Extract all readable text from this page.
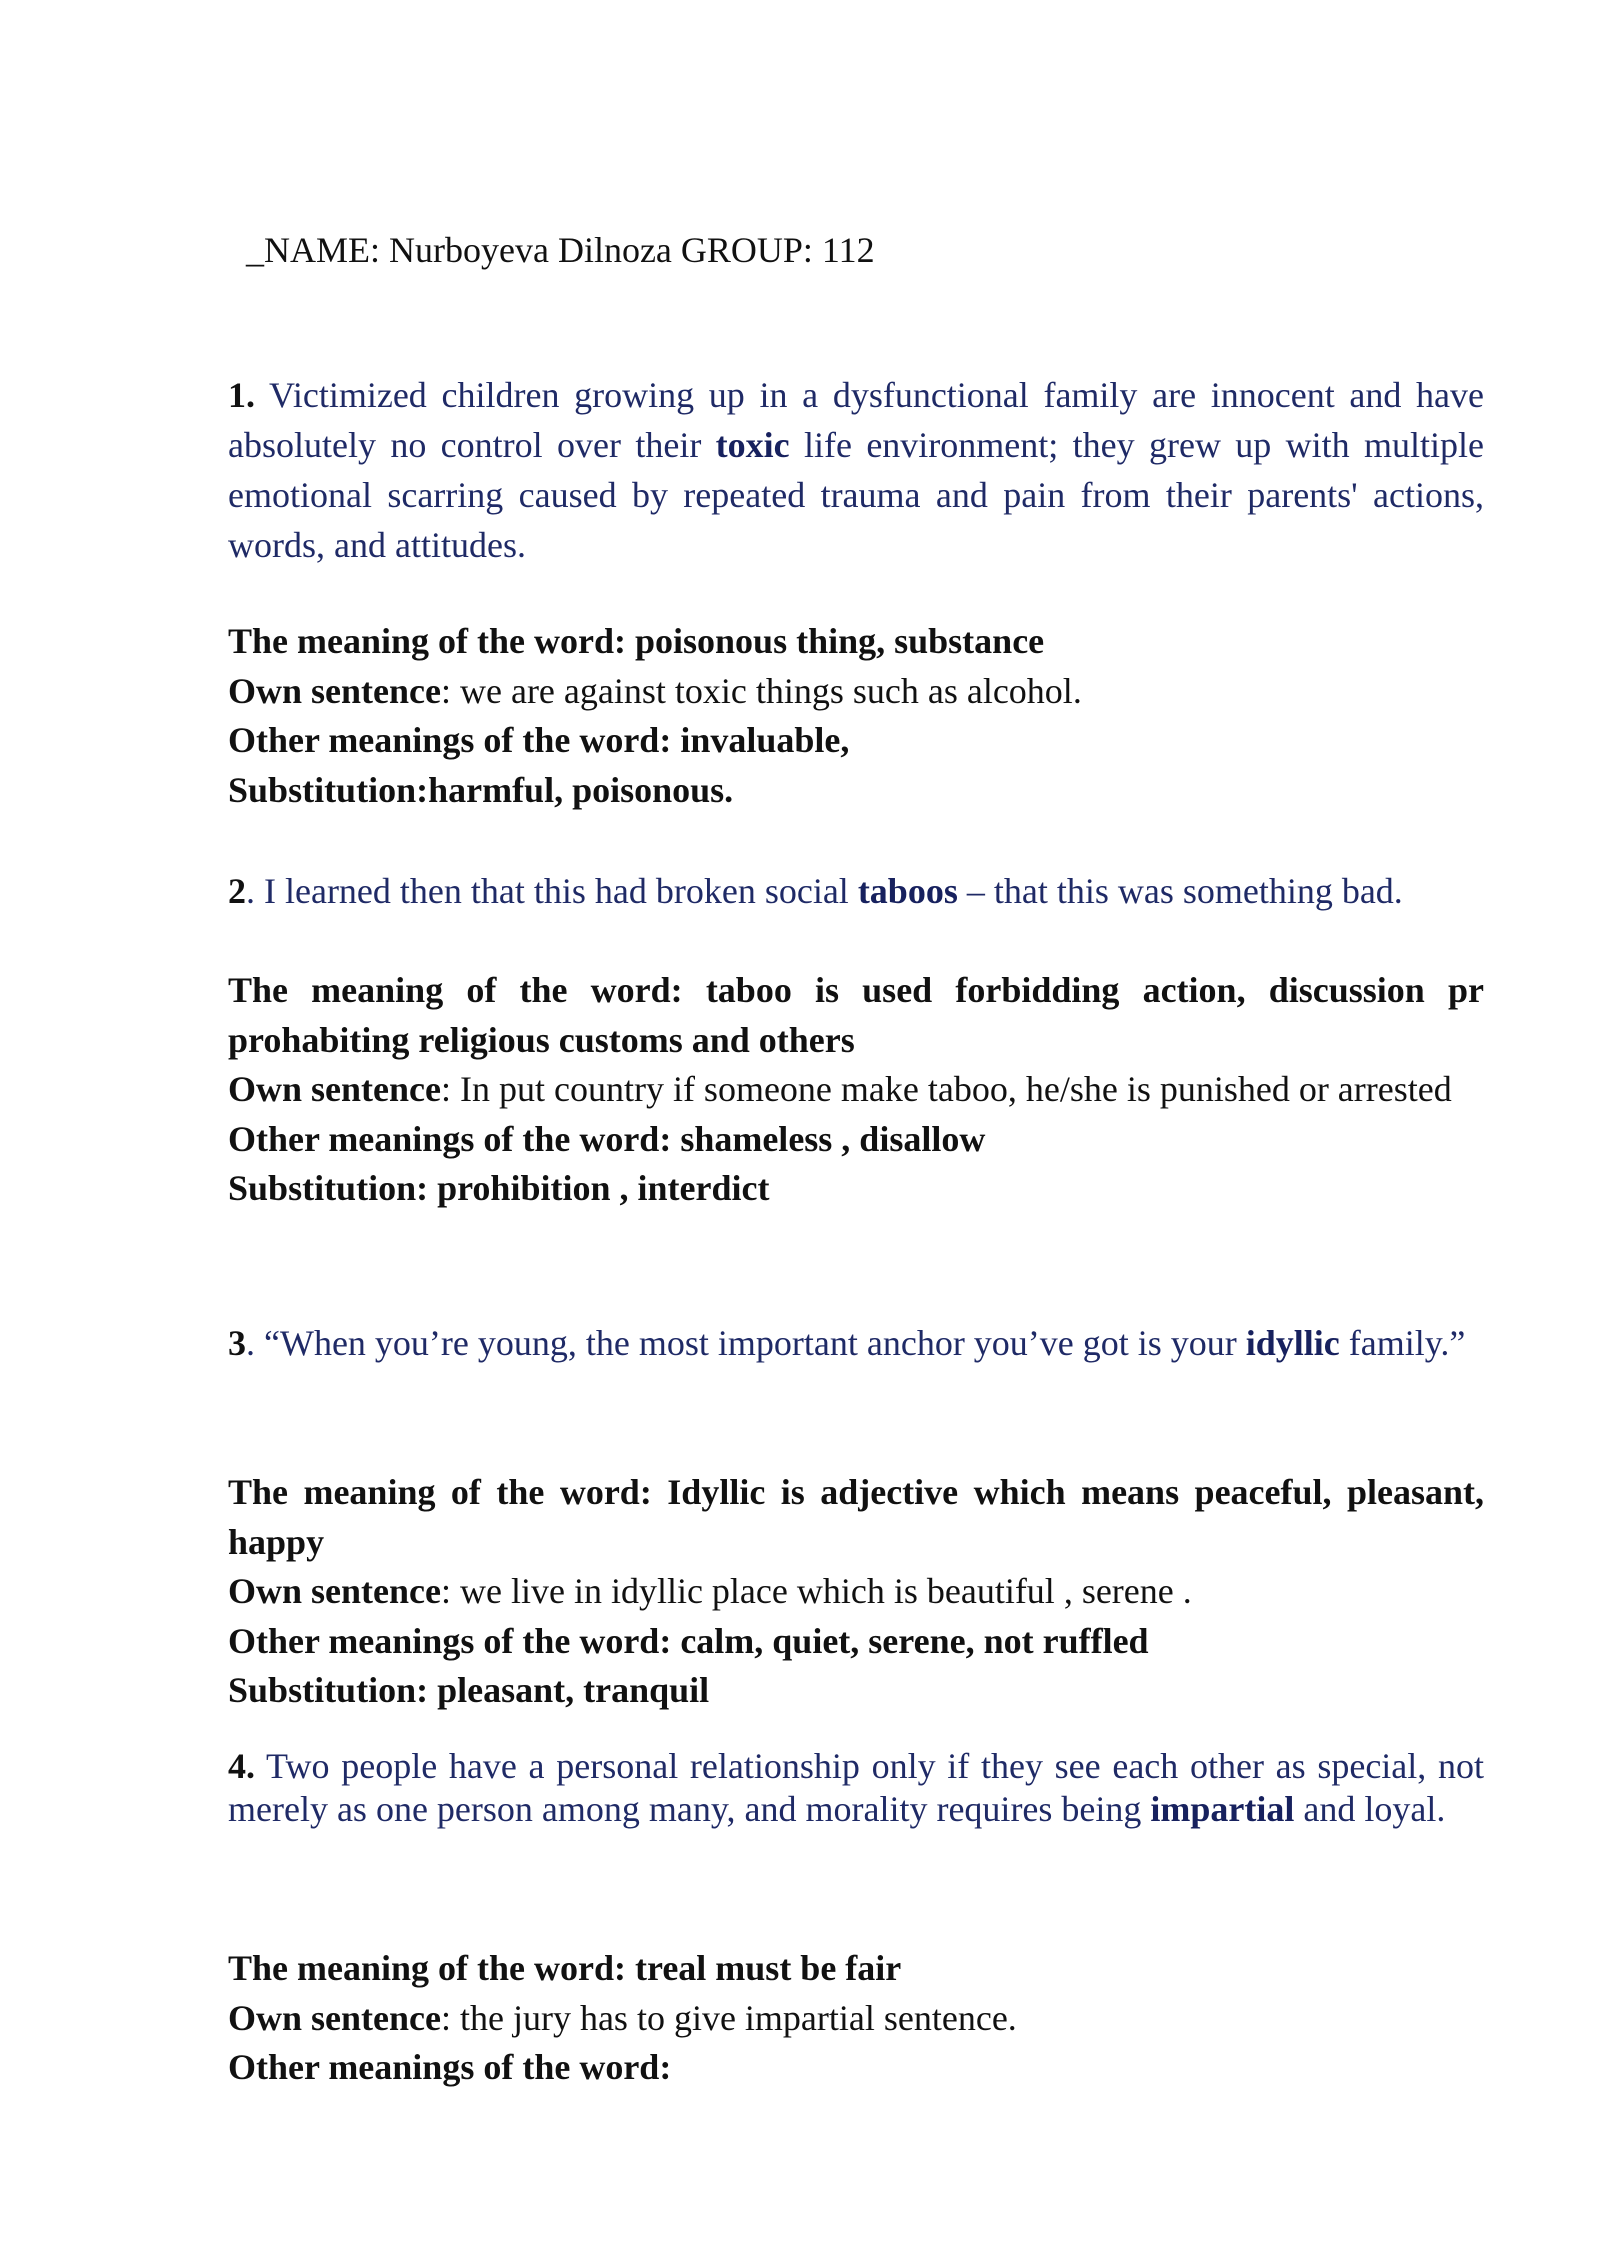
_NAME: Nurboyeva Dilnoza GROUP: 112
1. Victimized children growing up in a dysfunctional family are innocent and have absolutely no control over their toxic life environment; they grew up with multiple emotional scarring caused by repeated trauma and pain from their parents' actions, words, and attitudes.
The meaning of the word: poisonous thing, substance
Own sentence: we are against toxic things such as alcohol.
Other meanings of the word: invaluable,
Substitution:harmful, poisonous.
2. I learned then that this had broken social taboos – that this was something bad.
The meaning of the word: taboo is used forbidding action, discussion pr prohabiting religious customs and others
Own sentence: In put country if someone make taboo, he/she is punished or arrested
Other meanings of the word: shameless , disallow
Substitution: prohibition , interdict
3. “When you’re young, the most important anchor you’ve got is your idyllic family.”
The meaning of the word: Idyllic is adjective which means peaceful, pleasant, happy
Own sentence: we live in idyllic place which is beautiful , serene .
Other meanings of the word: calm, quiet, serene, not ruffled
Substitution: pleasant, tranquil
4. Two people have a personal relationship only if they see each other as special, not merely as one person among many, and morality requires being impartial and loyal.
The meaning of the word: treal must be fair
Own sentence: the jury has to give impartial sentence.
Other meanings of the word:
